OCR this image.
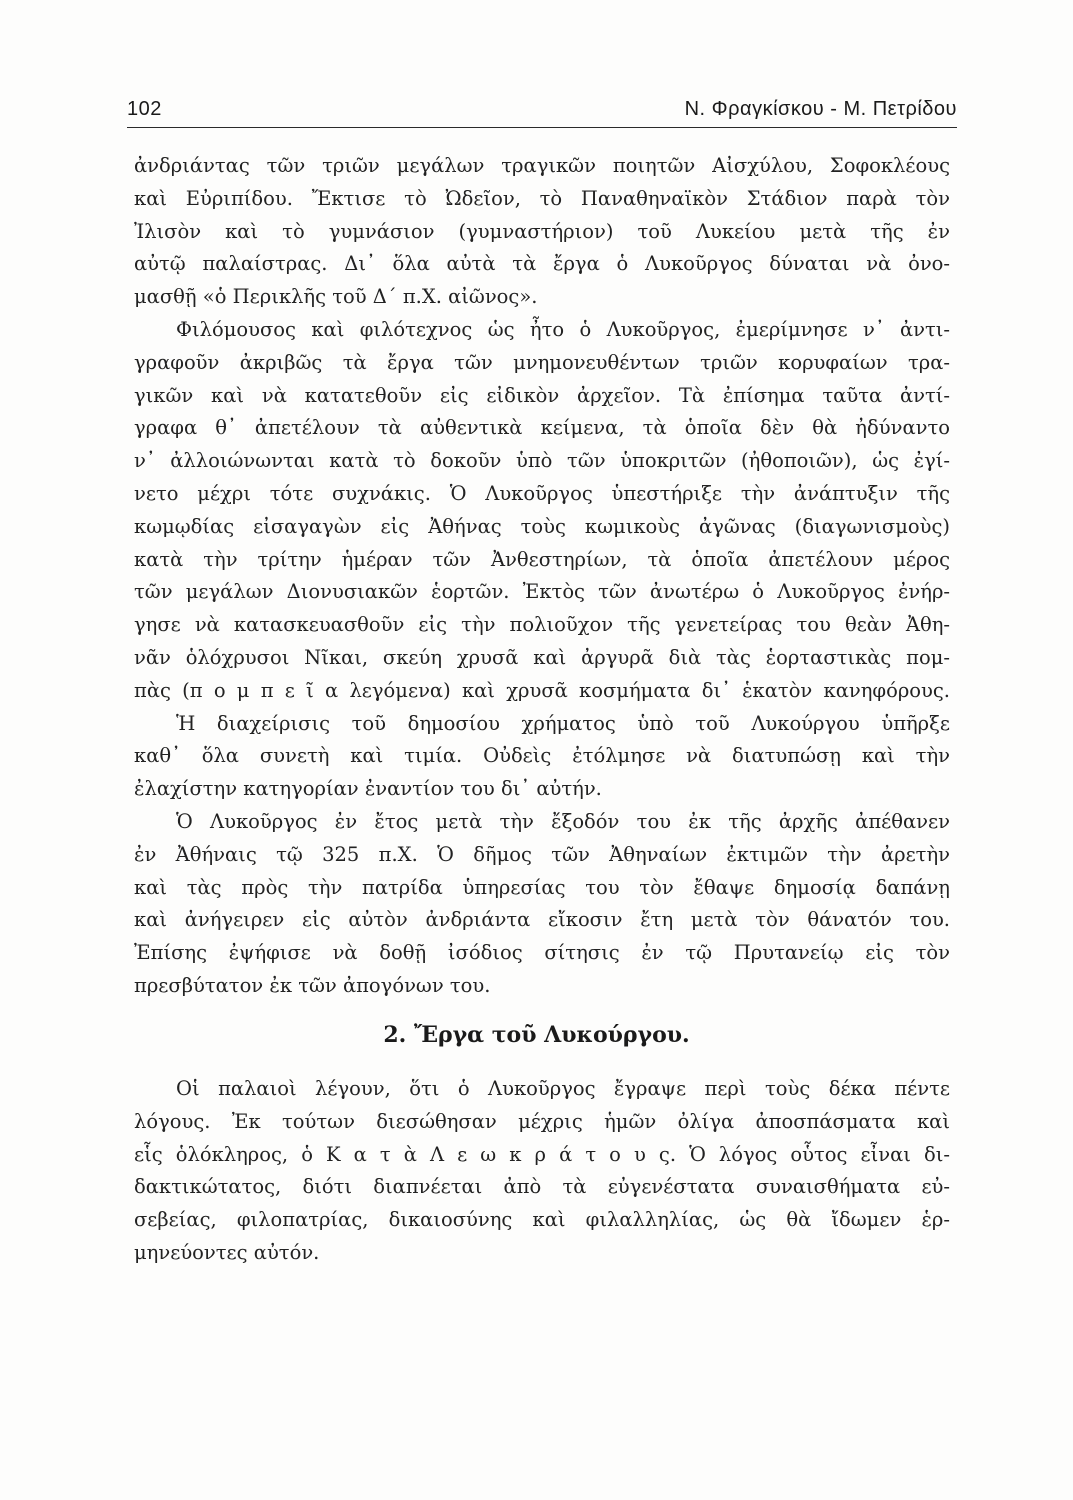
102	Ν. Φραγκίσκου - Μ. Πετρίδου
ἀνδριάντας τῶν τριῶν μεγάλων τραγικῶν ποιητῶν Αἰσχύλου, Σοφοκλέους
καὶ Εὐριπίδου. Ἔκτισε τὸ Ὠδεῖον, τὸ Παναθηναϊκὸν Στάδιον παρὰ τὸν
Ἰλισὸν καὶ τὸ γυμνάσιον (γυμναστήριον) τοῦ Λυκείου μετὰ τῆς ἐν
αὐτῷ παλαίστρας. Δι᾽ ὅλα αὐτὰ τὰ ἔργα ὁ Λυκοῦργος δύναται νὰ ὀνο-
μασθῇ «ὁ Περικλῆς τοῦ Δ΄ π.Χ. αἰῶνος».
Φιλόμουσος καὶ φιλότεχνος ὡς ἦτο ὁ Λυκοῦργος, ἐμερίμνησε ν᾽ ἀντι-
γραφοῦν ἀκριβῶς τὰ ἔργα τῶν μνημονευθέντων τριῶν κορυφαίων τρα-
γικῶν καὶ νὰ κατατεθοῦν εἰς εἰδικὸν ἀρχεῖον. Τὰ ἐπίσημα ταῦτα ἀντί-
γραφα θ᾽ ἀπετέλουν τὰ αὐθεντικὰ κείμενα, τὰ ὁποῖα δὲν θὰ ἠδύναντο
ν᾽ ἀλλοιώνωνται κατὰ τὸ δοκοῦν ὑπὸ τῶν ὑποκριτῶν (ἠθοποιῶν), ὡς ἐγί-
νετο μέχρι τότε συχνάκις. Ὁ Λυκοῦργος ὑπεστήριξε τὴν ἀνάπτυξιν τῆς
κωμῳδίας εἰσαγαγὼν εἰς Ἀθήνας τοὺς κωμικοὺς ἀγῶνας (διαγωνισμοὺς)
κατὰ τὴν τρίτην ἡμέραν τῶν Ἀνθεστηρίων, τὰ ὁποῖα ἀπετέλουν μέρος
τῶν μεγάλων Διονυσιακῶν ἑορτῶν. Ἐκτὸς τῶν ἀνωτέρω ὁ Λυκοῦργος ἐνήρ-
γησε νὰ κατασκευασθοῦν εἰς τὴν πολιοῦχον τῆς γενετείρας του θεὰν Ἀθη-
νᾶν ὁλόχρυσοι Νῖκαι, σκεύη χρυσᾶ καὶ ἀργυρᾶ διὰ τὰς ἑορταστικὰς πομ-
πὰς (π ο μ π ε ῖ α λεγόμενα) καὶ χρυσᾶ κοσμήματα δι᾽ ἑκατὸν κανηφόρους.
Ἡ διαχείρισις τοῦ δημοσίου χρήματος ὑπὸ τοῦ Λυκούργου ὑπῆρξε
καθ᾽ ὅλα συνετὴ καὶ τιμία. Οὐδεὶς ἐτόλμησε νὰ διατυπώσῃ καὶ τὴν
ἐλαχίστην κατηγορίαν ἐναντίον του δι᾽ αὐτήν.
Ὁ Λυκοῦργος ἐν ἔτος μετὰ τὴν ἔξοδόν του ἐκ τῆς ἀρχῆς ἀπέθανεν
ἐν Ἀθήναις τῷ 325 π.Χ. Ὁ δῆμος τῶν Ἀθηναίων ἐκτιμῶν τὴν ἀρετὴν
καὶ τὰς πρὸς τὴν πατρίδα ὑπηρεσίας του τὸν ἔθαψε δημοσίᾳ δαπάνῃ
καὶ ἀνήγειρεν εἰς αὐτὸν ἀνδριάντα εἴκοσιν ἔτη μετὰ τὸν θάνατόν του.
Ἐπίσης ἐψήφισε νὰ δοθῇ ἰσόδιος σίτησις ἐν τῷ Πρυτανείῳ εἰς τὸν
πρεσβύτατον ἐκ τῶν ἀπογόνων του.
2. Ἔργα τοῦ Λυκούργου.
Οἱ παλαιοὶ λέγουν, ὅτι ὁ Λυκοῦργος ἔγραψε περὶ τοὺς δέκα πέντε
λόγους. Ἐκ τούτων διεσώθησαν μέχρις ἡμῶν ὀλίγα ἀποσπάσματα καὶ
εἷς ὁλόκληρος, ὁ Κ α τ ὰ Λ ε ω κ ρ ά τ ο υ ς. Ὁ λόγος οὗτος εἶναι δι-
δακτικώτατος, διότι διαπνέεται ἀπὸ τὰ εὐγενέστατα συναισθήματα εὐ-
σεβείας, φιλοπατρίας, δικαιοσύνης καὶ φιλαλληλίας, ὡς θὰ ἴδωμεν ἑρ-
μηνεύοντες αὐτόν.
